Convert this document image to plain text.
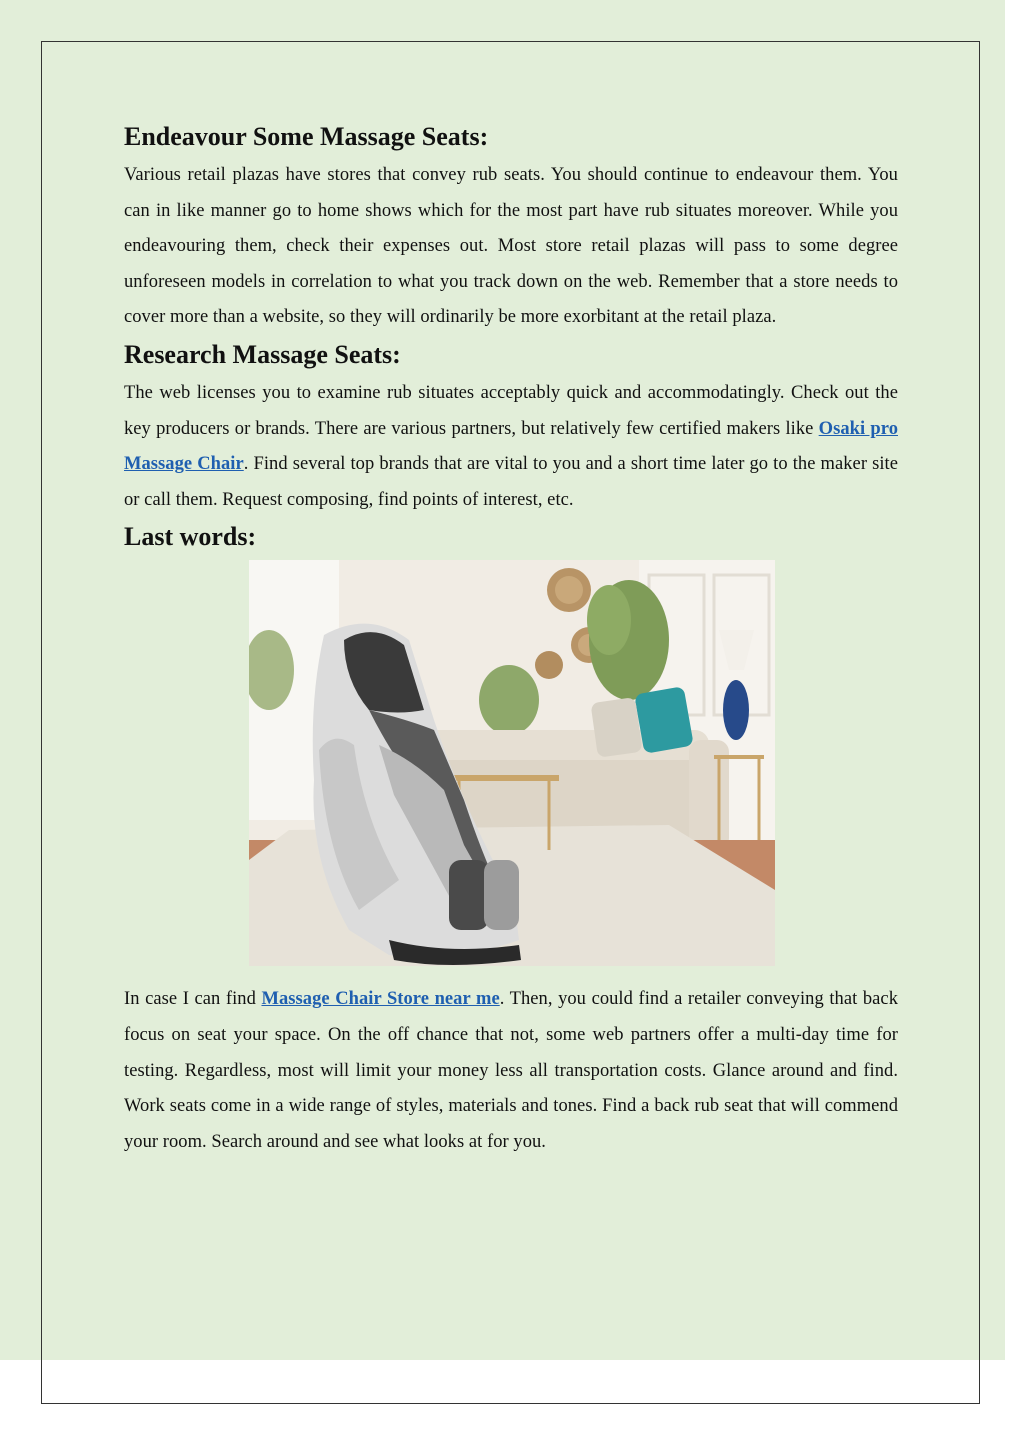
Endeavour Some Massage Seats:

Various retail plazas have stores that convey rub seats. You should continue to endeavour them. You can in like manner go to home shows which for the most part have rub situates moreover. While you endeavouring them, check their expenses out. Most store retail plazas will pass to some degree unforeseen models in correlation to what you track down on the web. Remember that a store needs to cover more than a website, so they will ordinarily be more exorbitant at the retail plaza.

Research Massage Seats:

The web licenses you to examine rub situates acceptably quick and accommodatingly. Check out the key producers or brands. There are various partners, but relatively few certified makers like Osaki pro Massage Chair. Find several top brands that are vital to you and a short time later go to the maker site or call them. Request composing, find points of interest, etc.

Last words:

In case I can find Massage Chair Store near me. Then, you could find a retailer conveying that back focus on seat your space. On the off chance that not, some web partners offer a multi-day time for testing. Regardless, most will limit your money less all transportation costs. Glance around and find. Work seats come in a wide range of styles, materials and tones. Find a back rub seat that will commend your room. Search around and see what looks at for you.
